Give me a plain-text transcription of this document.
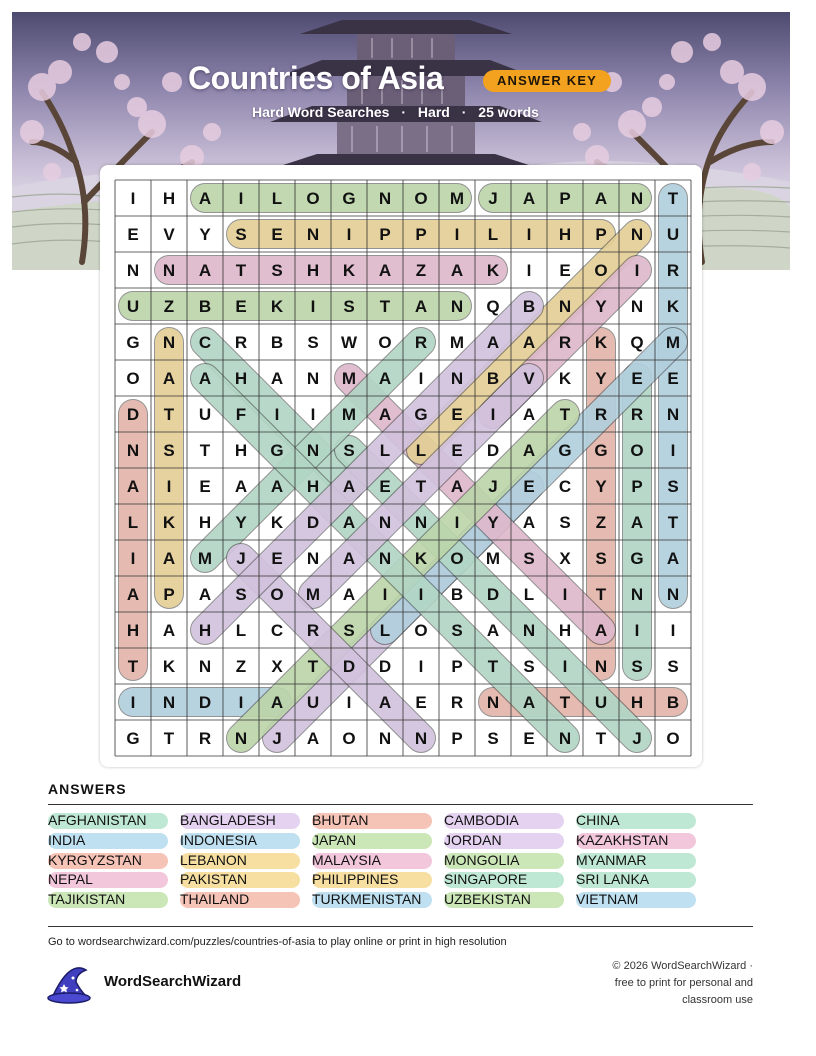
Countries of Asia	ANSWER KEY
Hard Word Searches · Hard · 25 words
I H A I L O G N O M J A P A N T
E V Y S E N I P P I L I H P N U
N N A T S H K A Z A K I E O I R
U Z B E K I S T A N Q B N Y N K
G N C R B S W O R M A A R K Q M
O A A H A N M A I N B V K Y E E
D T U F I I M A G E I A T R R N
N S T H G N S L L E D A G G O I
A I E A A H A E T A J E C Y P S
L K H Y K D A N N I Y A S Z A T
I A M J E N A N K O M S X S G A
A P A S O M A I I B D L I T N N
H A H L C R S L O S A N H A I I
T K N Z X T D D I P T S I N S S
I N D I A U I A E R N A T U H B
G T R N J A O N N P S E N T J O
ANSWERS
AFGHANISTAN BANGLADESH	BHUTAN	CAMBODIA	CHINA
INDIA	INDONESIA	JAPAN	JORDAN	KAZAKHSTAN
KYRGYZSTAN	LEBANON	MALAYSIA	MONGOLIA	MYANMAR
NEPAL	PAKISTAN	PHILIPPINES	SINGAPORE	SRI LANKA
TAJIKISTAN	THAILAND	TURKMENISTAN UZBEKISTAN	VIETNAM
Go to wordsearchwizard.com/puzzles/countries-of-asia to play online or print in high resolution
WordSearchWizard
© 2026 WordSearchWizard ·
free to print for personal and
classroom use
